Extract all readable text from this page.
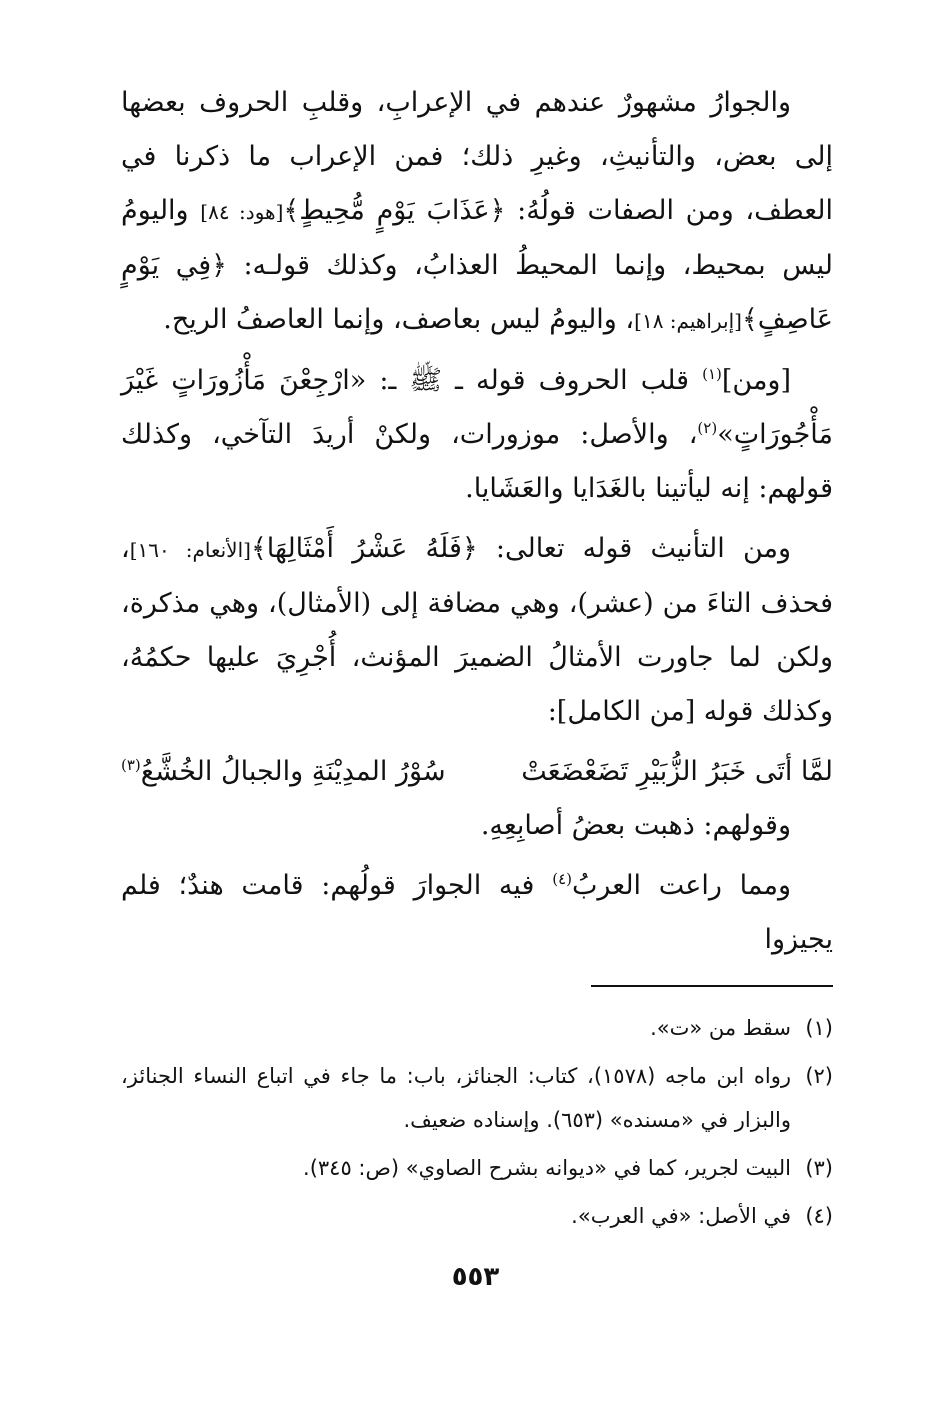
والجوارُ مشهورٌ عندهم في الإعرابِ، وقلبِ الحروف بعضها إلى بعض، والتأنيثِ، وغيرِ ذلك؛ فمن الإعراب ما ذكرنا في العطف، ومن الصفات قولُهُ: ﴿عَذَابَ يَوْمٍ مُّحِيطٍ﴾[هود: ٨٤] واليومُ ليس بمحيط، وإنما المحيطُ العذابُ، وكذلك قولـه: ﴿فِي يَوْمٍ عَاصِفٍ﴾[إبراهيم: ١٨]، واليومُ ليس بعاصف، وإنما العاصفُ الريح.

[ومن]$^{(١)}$ قلب الحروف قوله ـ ﷺ ـ: «ارْجِعْنَ مَأْزُورَاتٍ غَيْرَ مَأْجُورَاتٍ»$^{(٢)}$، والأصل: موزورات، ولكنْ أريدَ التآخي، وكذلك قولهم: إنه ليأتينا بالغَدَايا والعَشَايا.

ومن التأنيث قوله تعالى: ﴿فَلَهُ عَشْرُ أَمْثَالِهَا﴾[الأنعام: ١٦٠]، فحذف التاءَ من (عشر)، وهي مضافة إلى (الأمثال)، وهي مذكرة، ولكن لما جاورت الأمثالُ الضميرَ المؤنث، أُجْرِيَ عليها حكمُهُ، وكذلك قوله [من الكامل]:

لمَّا أتَى خَبَرُ الزُّبَيْرِ تَضَعْضَعَتْ
سُوْرُ المدِيْنَةِ والجبالُ الخُشَّعُ$^{(٣)}$

وقولهم: ذهبت بعضُ أصابِعِهِ.

ومما راعت العربُ$^{(٤)}$ فيه الجوارَ قولُهم: قامت هندٌ؛ فلم يجيزوا

(١)
سقط من «ت».
(٢)
رواه ابن ماجه (١٥٧٨)، كتاب: الجنائز، باب: ما جاء في اتباع النساء الجنائز، والبزار في «مسنده» (٦٥٣). وإسناده ضعيف.
(٣)
البيت لجرير، كما في «ديوانه بشرح الصاوي» (ص: ٣٤٥).
(٤)
في الأصل: «في العرب».
٥٥٣
